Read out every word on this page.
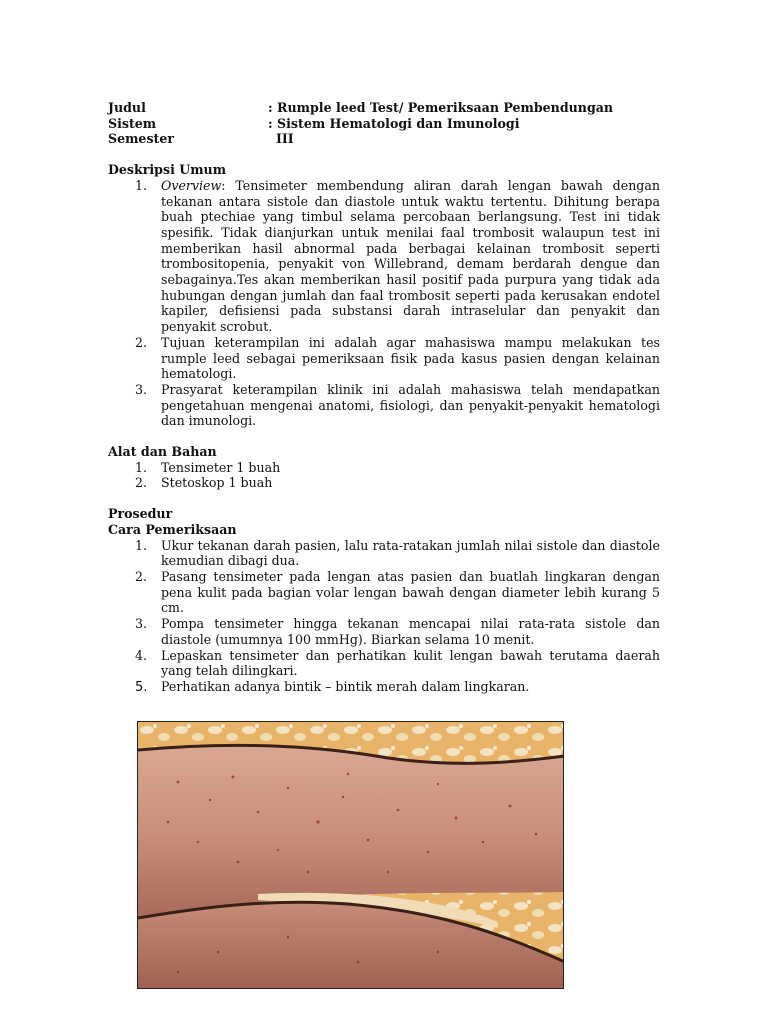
Judul	: Rumple leed Test/ Pemeriksaan Pembendungan
Sistem	: Sistem Hematologi dan Imunologi
Semester	III
Deskripsi Umum
1.	Overview: Tensimeter membendung aliran darah lengan bawah dengan tekanan antara sistole dan diastole untuk waktu tertentu. Dihitung berapa buah ptechiae yang timbul selama percobaan berlangsung. Test ini tidak spesifik. Tidak dianjurkan untuk menilai faal trombosit walaupun test ini memberikan hasil abnormal pada berbagai kelainan trombosit seperti trombositopenia, penyakit von Willebrand, demam berdarah dengue dan sebagainya.Tes akan memberikan hasil positif pada purpura yang tidak ada hubungan dengan jumlah dan faal trombosit seperti pada kerusakan endotel kapiler, defisiensi pada substansi darah intraselular dan penyakit dan penyakit scrobut.
2.	Tujuan keterampilan ini adalah agar mahasiswa mampu melakukan tes rumple leed sebagai pemeriksaan fisik pada kasus pasien dengan kelainan hematologi.
3.	Prasyarat keterampilan klinik ini adalah mahasiswa telah mendapatkan pengetahuan mengenai anatomi, fisiologi, dan penyakit-penyakit hematologi dan imunologi.
Alat dan Bahan
1.	Tensimeter 1 buah
2.	Stetoskop 1 buah
Prosedur
Cara Pemeriksaan
1.	Ukur tekanan darah pasien, lalu rata-ratakan jumlah nilai sistole dan diastole kemudian dibagi dua.
2.	Pasang tensimeter pada lengan atas pasien dan buatlah lingkaran dengan pena kulit pada bagian volar lengan bawah dengan diameter lebih kurang 5 cm.
3.	Pompa tensimeter hingga tekanan mencapai nilai rata-rata sistole dan diastole (umumnya 100 mmHg). Biarkan selama 10 menit.
4.	Lepaskan tensimeter dan perhatikan kulit lengan bawah terutama daerah yang telah dilingkari.
5.	Perhatikan adanya bintik – bintik merah dalam lingkaran.
